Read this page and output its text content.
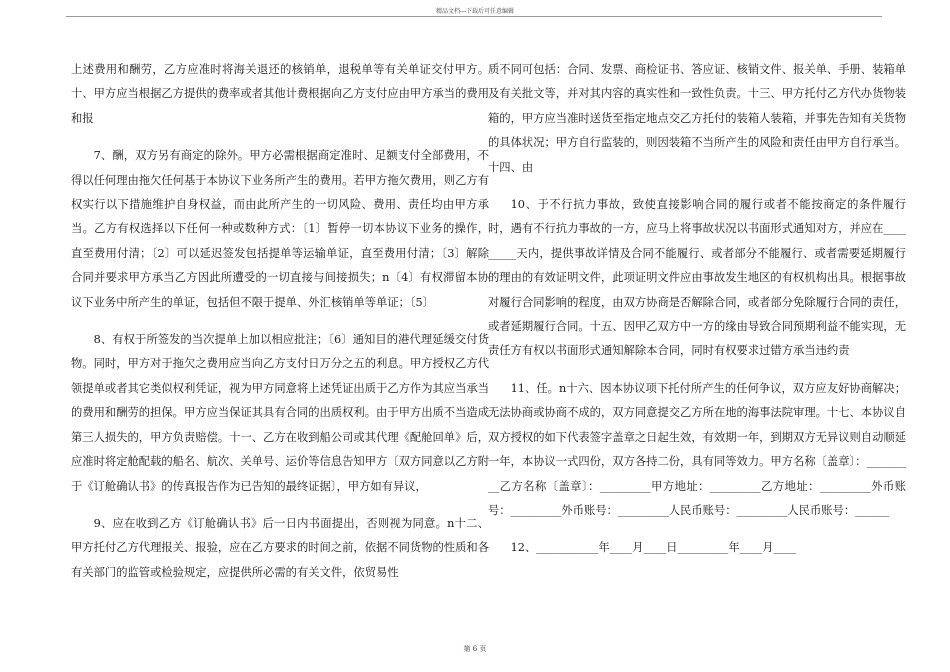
精品文档---下载后可任意编辑

上述费用和酬劳，乙方应准时将海关退还的核销单，退税单等有关单证交付甲方。十、甲方应当根据乙方提供的费率或者其他计费根据向乙方支付应由甲方承当的费用和报

7、酬，双方另有商定的除外。甲方必需根据商定准时、足额支付全部费用，不得以任何理由拖欠任何基于本协议下业务所产生的费用。若甲方拖欠费用，则乙方有权实行以下措施维护自身权益，而由此所产生的一切风险、费用、责任均由甲方承当。乙方有权选择以下任何一种或数种方式：〔1〕暂停一切本协议下业务的操作，直至费用付清；〔2〕可以延迟签发包括提单等运输单证，直至费用付清；〔3〕解除合同并要求甲方承当乙方因此所遭受的一切直接与间接损失；n〔4〕有权滞留本协议下业务中所产生的单证，包括但不限于提单、外汇核销单等单证；〔5〕

8、有权于所签发的当次提单上加以相应批注；〔6〕通知目的港代理延缓交付货物。同时，甲方对于拖欠之费用应当向乙方支付日万分之五的利息。甲方授权乙方代领提单或者其它类似权利凭证，视为甲方同意将上述凭证出质于乙方作为其应当承当的费用和酬劳的担保。甲方应当保证其具有合同的出质权利。由于甲方出质不当造成第三人损失的，甲方负责赔偿。十一、乙方在收到船公司或其代理《配舱回单》后，应准时将定舱配载的船名、航次、关单号、运价等信息告知甲方〔双方同意以乙方附于《订舱确认书》的传真报告作为已告知的最终证据〕，甲方如有异议，

9、应在收到乙方《订舱确认书》后一日内书面提出，否则视为同意。n十二、甲方托付乙方代理报关、报验，应在乙方要求的时间之前，依据不同货物的性质和各有关部门的监管或检验规定，应提供所必需的有关文件，依贸易性

质不同可包括：合同、发票、商检证书、答应证、核销文件、报关单、手册、装箱单及有关批文等，并对其内容的真实性和一致性负责。十三、甲方托付乙方代办货物装箱的，甲方应当准时送货至指定地点交乙方托付的装箱人装箱，并事先告知有关货物的具体状况；甲方自行监装的，则因装箱不当所产生的风险和责任由甲方自行承当。十四、由

10、于不行抗力事故，致使直接影响合同的履行或者不能按商定的条件履行时，遇有不行抗力事故的一方，应马上将事故状况以书面形式通知对方，并应在_________天内，提供事故详情及合同不能履行、或者部分不能履行、或者需要延期履行的理由的有效证明文件，此项证明文件应由事故发生地区的有权机构出具。根据事故对履行合同影响的程度，由双方协商是否解除合同，或者部分免除履行合同的责任，或者延期履行合同。十五、因甲乙双方中一方的缘由导致合同预期利益不能实现，无责任方有权以书面形式通知解除本合同，同时有权要求过错方承当违约责

11、任。n十六、因本协议项下托付所产生的任何争议，双方应友好协商解决；无法协商或协商不成的，双方同意提交乙方所在地的海事法院审理。十七、本协议自双方授权的如下代表签字盖章之日起生效，有效期一年，到期双方无异议则自动顺延一年，本协议一式四份，双方各持二份，具有同等效力。甲方名称〔盖章〕：_________乙方名称〔盖章〕：_________甲方地址：_________乙方地址：_________外币账号：_________外币账号：_________人民币账号：_________人民币账号：______

12、___________年____月____日_________年____月____

第 6 页
